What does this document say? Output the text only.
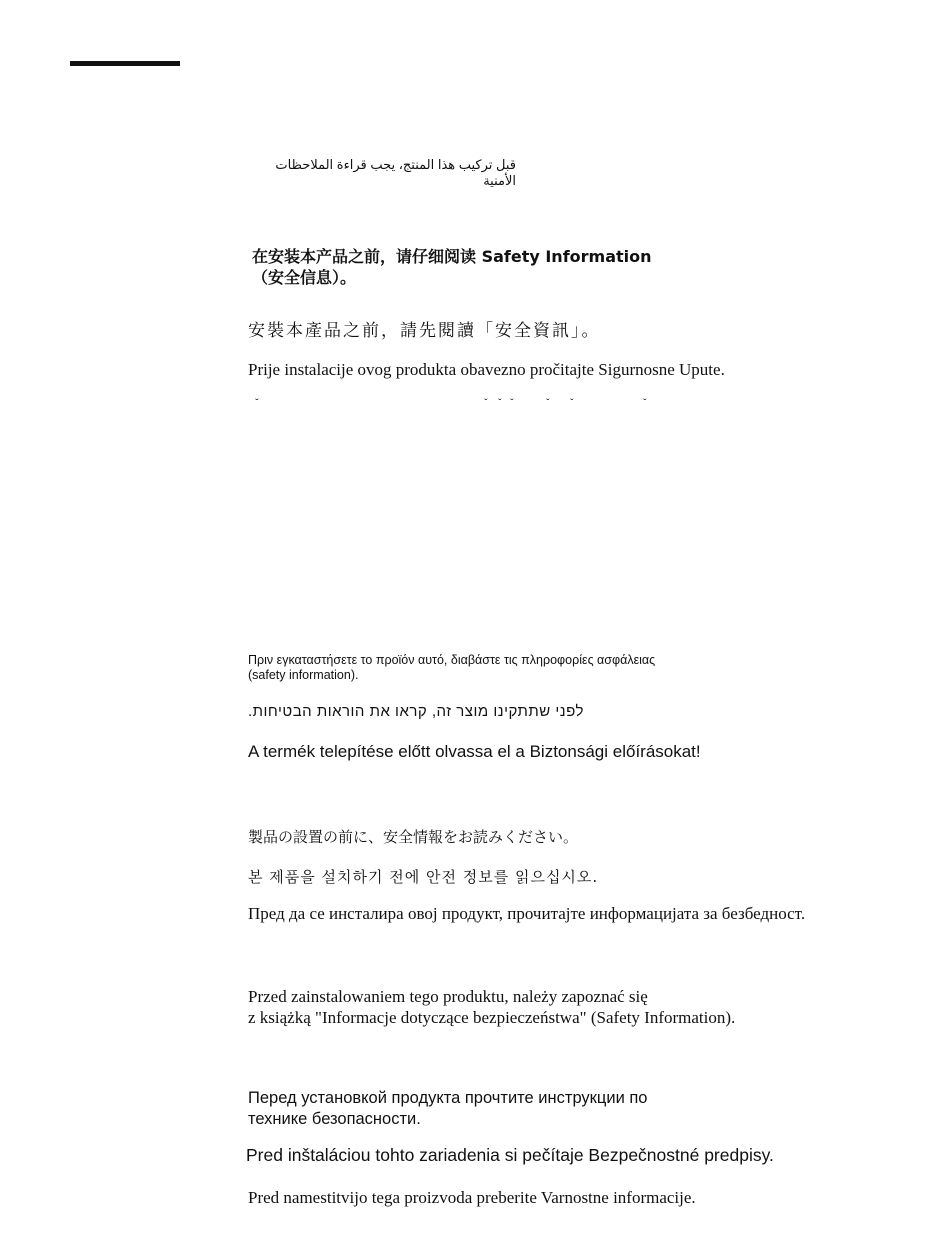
قبل تركيب هذا المنتج، يجب قراءة الملاحظات الأمنية

在安装本产品之前，请仔细阅读 Safety Information
（安全信息）。

安裝本產品之前，請先閱讀「安全資訊」。

Prije instalacije ovog produkta obavezno pročitajte Sigurnosne Upute.

ˇ	ˇ ˇ ˇ	ˇ ˇ	ˇ

Πριν εγκαταστήσετε το προϊόν αυτό, διαβάστε τις πληροφορίες ασφάλειας
(safety information).

לפני שתתקינו מוצר זה, קראו את הוראות הבטיחות.

A termék telepítése előtt olvassa el a Biztonsági előírásokat!

製品の設置の前に、安全情報をお読みください。

본 제품을 설치하기 전에 안전 정보를 읽으십시오.

Пред да се инсталира овој продукт, прочитајте информацијата за безбедност.

Przed zainstalowaniem tego produktu, należy zapoznać się
z książką "Informacje dotyczące bezpieczeństwa" (Safety Information).

Перед установкой продукта прочтите инструкции по
технике безопасности.

Pred inštaláciou tohto zariadenia si pečítaje Bezpečnostné predpisy.

Pred namestitvijo tega proizvoda preberite Varnostne informacije.
